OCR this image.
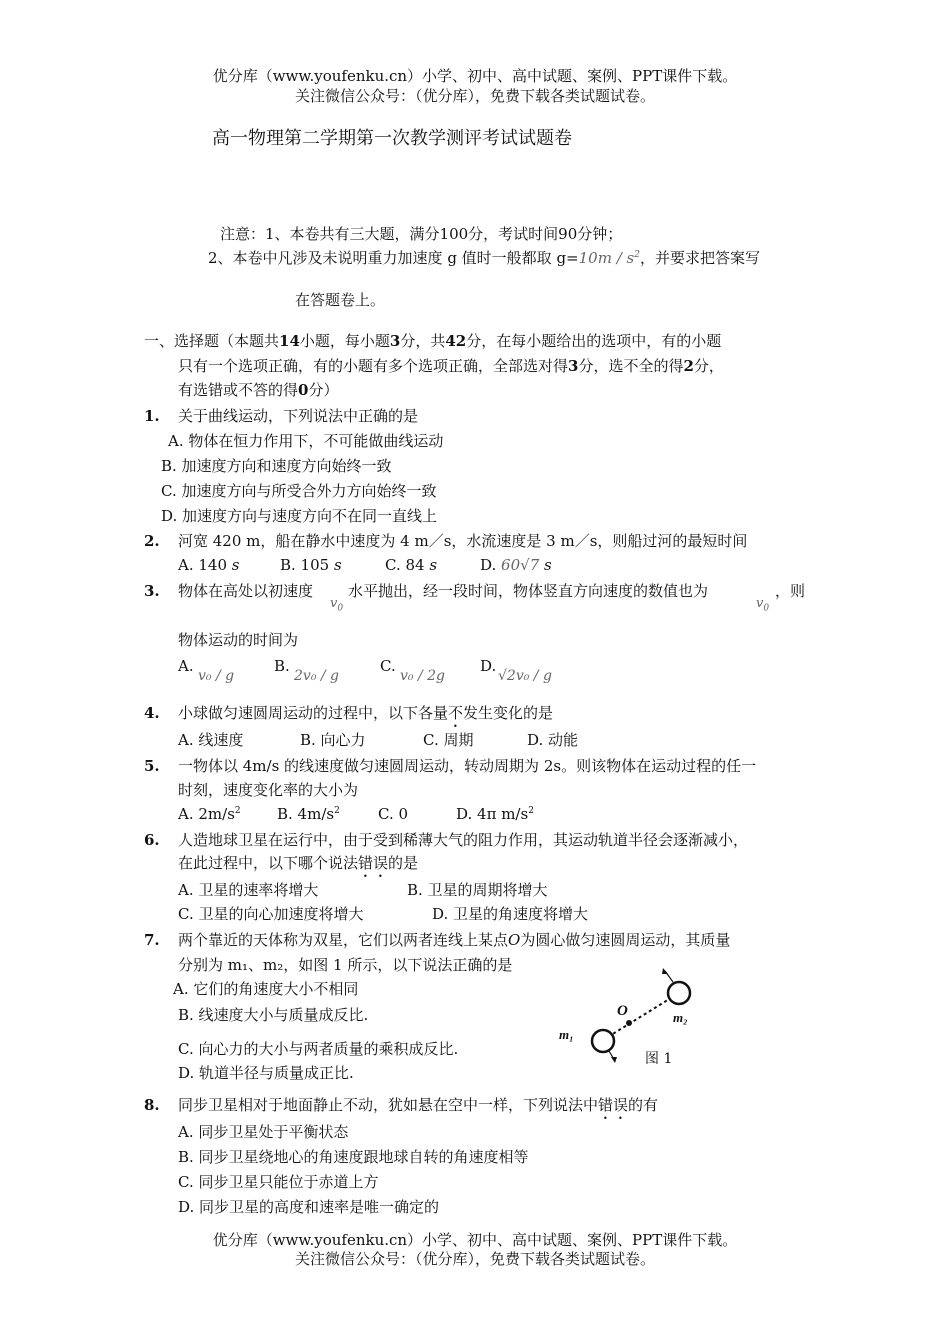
优分库（www.youfenku.cn）小学、初中、高中试题、案例、PPT课件下载。
关注微信公众号：（优分库），免费下载各类试题试卷。
高一物理第二学期第一次教学测评考试试题卷
注意：1、本卷共有三大题，满分100分，考试时间90分钟；
2、本卷中凡涉及未说明重力加速度 g 值时一般都取 $g=10m / s^2$，并要求把答案写
在答题卷上。
一、选择题（本题共14小题，每小题3分，共42分，在每小题给出的选项中，有的小题
只有一个选项正确，有的小题有多个选项正确，全部选对得3分，选不全的得2分，
有选错或不答的得0分）
1. 关于曲线运动，下列说法中正确的是
A. 物体在恒力作用下，不可能做曲线运动
B. 加速度方向和速度方向始终一致
C. 加速度方向与所受合外力方向始终一致
D. 加速度方向与速度方向不在同一直线上
2. 河宽 420 m，船在静水中速度为 4 m／s，水流速度是 3 m／s，则船过河的最短时间
A. 140 s	B. 105 s	C. 84 s	D. 60√7 s
3. 物体在高处以初速度
$v_0$
水平抛出，经一段时间，物体竖直方向速度的数值也为
$v_0$
，则
物体运动的时间为
A.
v₀ / g
B.
2v₀ / g
C.
v₀ / 2g
D.
√2v₀ / g
4. 小球做匀速圆周运动的过程中，以下各量不发生变化的是
A. 线速度	B. 向心力	C. 周期	D. 动能
5. 一物体以 4m/s 的线速度做匀速圆周运动，转动周期为 2s。则该物体在运动过程的任一
时刻，速度变化率的大小为
A. $2m/s^2$ B. $4m/s^2$	C. 0	D. 4π $m/s^2$
6. 人造地球卫星在运行中，由于受到稀薄大气的阻力作用，其运动轨道半径会逐渐减小，
在此过程中，以下哪个说法错误的是
A. 卫星的速率将增大	B. 卫星的周期将增大
C. 卫星的向心加速度将增大	D. 卫星的角速度将增大
7. 两个靠近的天体称为双星，它们以两者连线上某点O为圆心做匀速圆周运动，其质量
分别为 m₁、m₂，如图 1 所示，以下说法正确的是
A. 它们的角速度大小不相同
B. 线速度大小与质量成反比.
C. 向心力的大小与两者质量的乘积成反比.
D. 轨道半径与质量成正比.
O	m₂
m₁
图 1
8. 同步卫星相对于地面静止不动，犹如悬在空中一样，下列说法中错误的有
A. 同步卫星处于平衡状态
B. 同步卫星绕地心的角速度跟地球自转的角速度相等
C. 同步卫星只能位于赤道上方
D. 同步卫星的高度和速率是唯一确定的
优分库（www.youfenku.cn）小学、初中、高中试题、案例、PPT课件下载。
关注微信公众号：（优分库），免费下载各类试题试卷。
